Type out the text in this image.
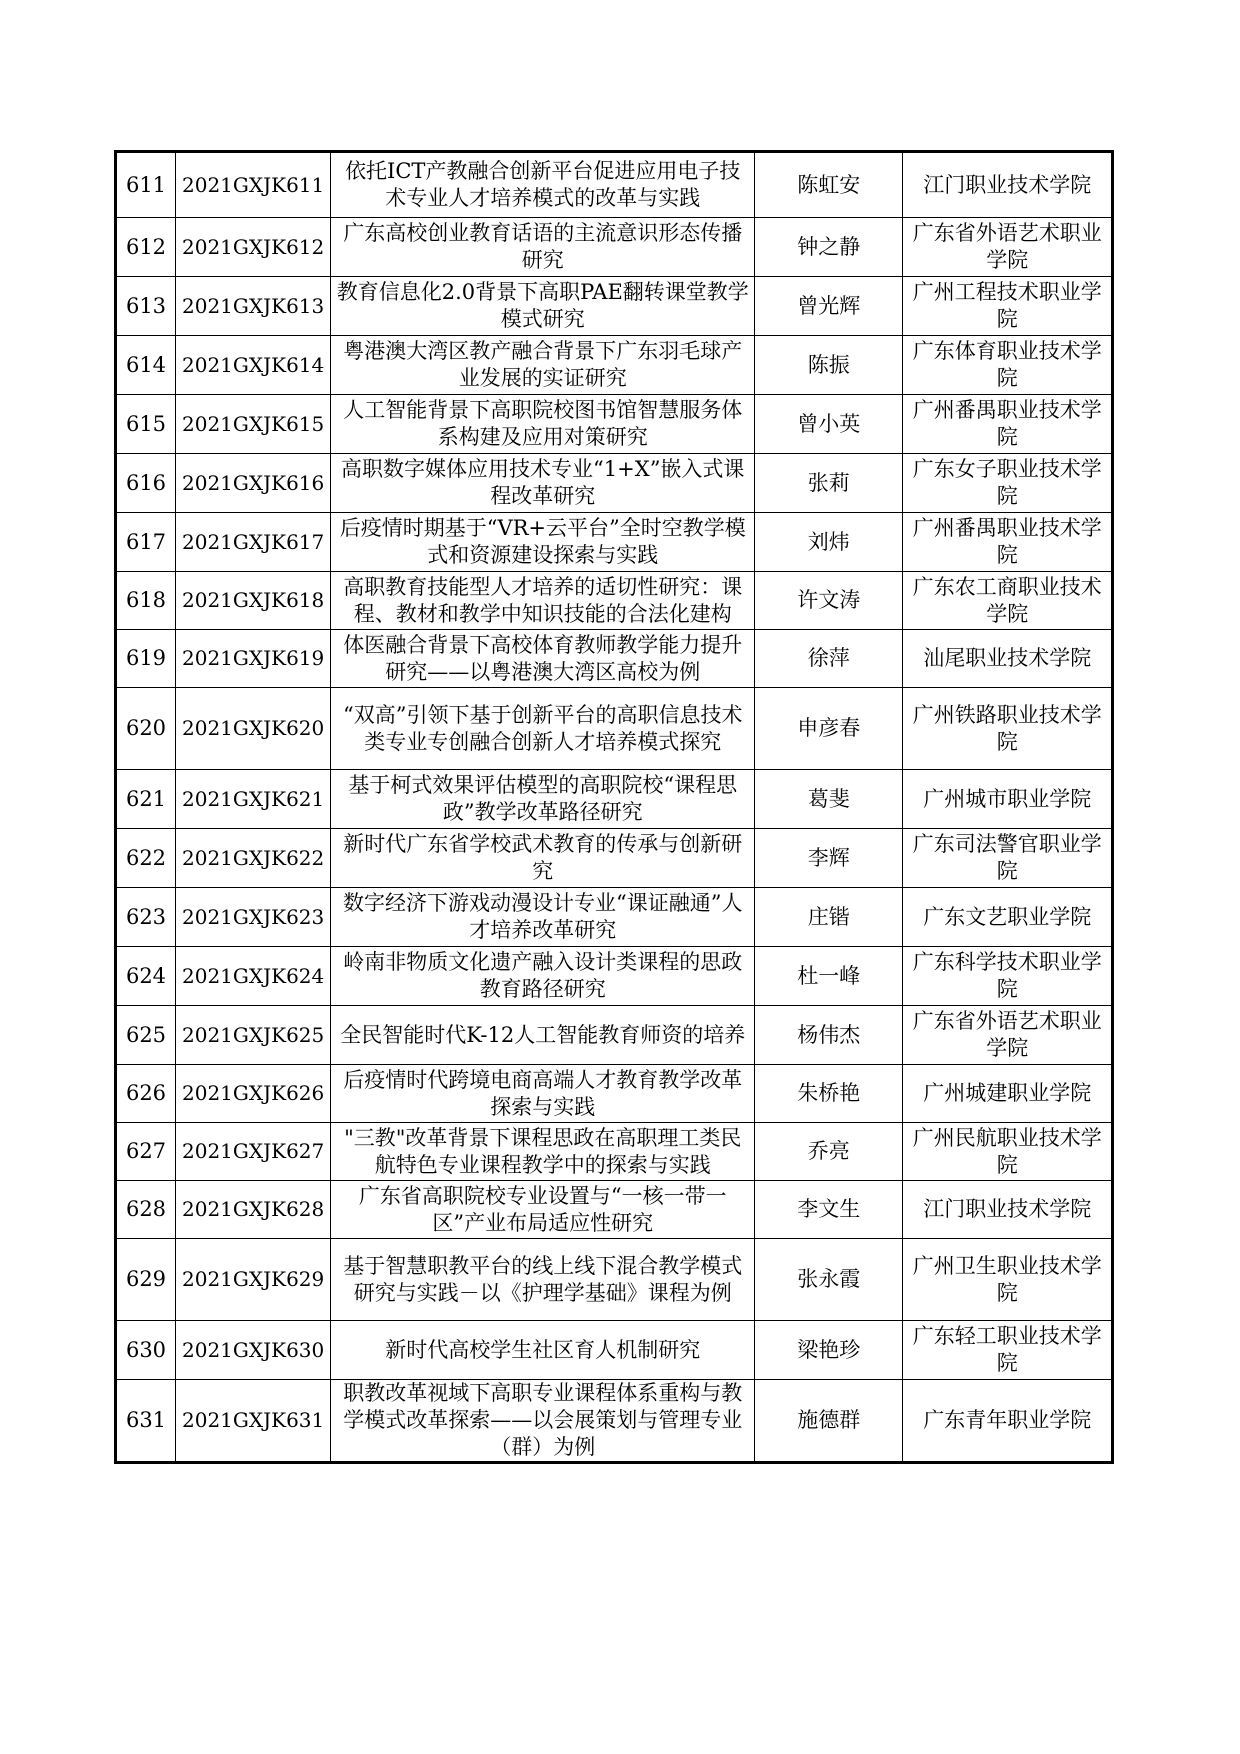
611	2021GXJK611	依托ICT产教融合创新平台促进应用电子技术专业人才培养模式的改革与实践	陈虹安	江门职业技术学院

612	2021GXJK612	广东高校创业教育话语的主流意识形态传播研究	钟之静	广东省外语艺术职业学院

613	2021GXJK613	教育信息化2.0背景下高职PAE翻转课堂教学模式研究	曾光辉	广州工程技术职业学院

614	2021GXJK614	粤港澳大湾区教产融合背景下广东羽毛球产业发展的实证研究	陈振	广东体育职业技术学院

615	2021GXJK615	人工智能背景下高职院校图书馆智慧服务体系构建及应用对策研究	曾小英	广州番禺职业技术学院

616	2021GXJK616	高职数字媒体应用技术专业“1+X”嵌入式课程改革研究	张莉	广东女子职业技术学院

617	2021GXJK617	后疫情时期基于“VR+云平台”全时空教学模式和资源建设探索与实践	刘炜	广州番禺职业技术学院

618	2021GXJK618	高职教育技能型人才培养的适切性研究：课程、教材和教学中知识技能的合法化建构	许文涛	广东农工商职业技术学院

619	2021GXJK619	体医融合背景下高校体育教师教学能力提升研究——以粤港澳大湾区高校为例	徐萍	汕尾职业技术学院

620	2021GXJK620	“双高”引领下基于创新平台的高职信息技术类专业专创融合创新人才培养模式探究	申彦春	广州铁路职业技术学院

621	2021GXJK621	基于柯式效果评估模型的高职院校“课程思政”教学改革路径研究	葛斐	广州城市职业学院

622	2021GXJK622	新时代广东省学校武术教育的传承与创新研究	李辉	广东司法警官职业学院

623	2021GXJK623	数字经济下游戏动漫设计专业“课证融通”人才培养改革研究	庄锴	广东文艺职业学院

624	2021GXJK624	岭南非物质文化遗产融入设计类课程的思政教育路径研究	杜一峰	广东科学技术职业学院

625	2021GXJK625	全民智能时代K-12人工智能教育师资的培养	杨伟杰	广东省外语艺术职业学院

626	2021GXJK626	后疫情时代跨境电商高端人才教育教学改革探索与实践	朱桥艳	广州城建职业学院

627	2021GXJK627	"三教"改革背景下课程思政在高职理工类民航特色专业课程教学中的探索与实践	乔亮	广州民航职业技术学院

628	2021GXJK628	广东省高职院校专业设置与“一核一带一区”产业布局适应性研究	李文生	江门职业技术学院

629	2021GXJK629	基于智慧职教平台的线上线下混合教学模式研究与实践－以《护理学基础》课程为例	张永霞	广州卫生职业技术学院

630	2021GXJK630	新时代高校学生社区育人机制研究	梁艳珍	广东轻工职业技术学院

631	2021GXJK631	职教改革视域下高职专业课程体系重构与教学模式改革探索——以会展策划与管理专业（群）为例	施德群	广东青年职业学院
